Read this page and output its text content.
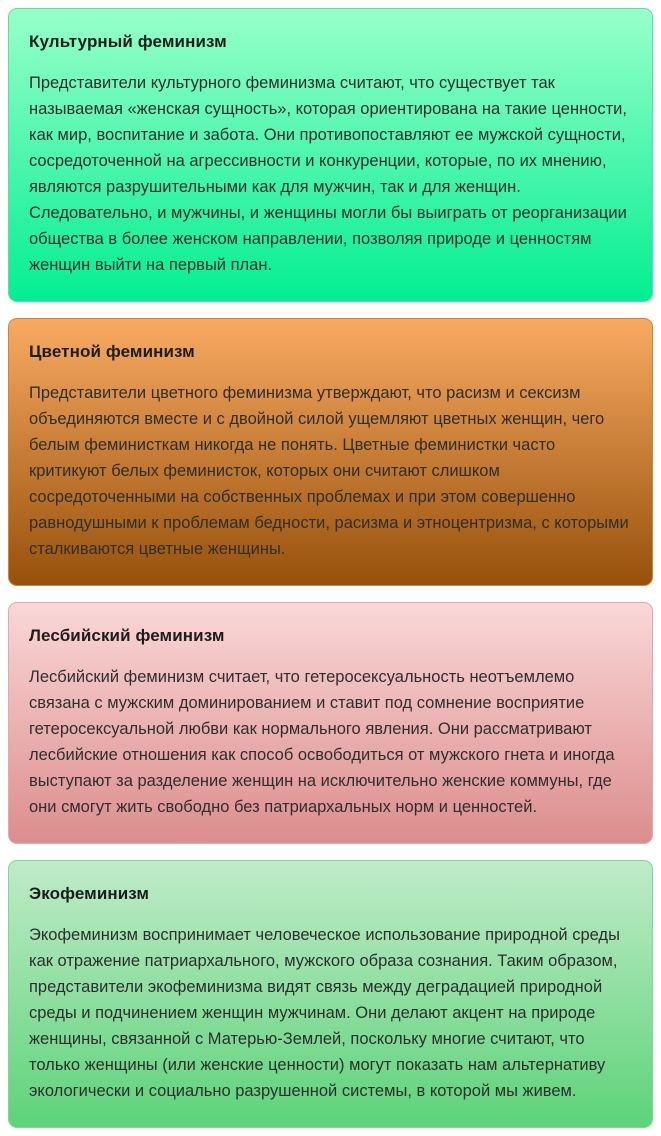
Культурный феминизм

Представители культурного феминизма считают, что существует так называемая «женская сущность», которая ориентирована на такие ценности, как мир, воспитание и забота. Они противопоставляют ее мужской сущности, сосредоточенной на агрессивности и конкуренции, которые, по их мнению, являются разрушительными как для мужчин, так и для женщин. Следовательно, и мужчины, и женщины могли бы выиграть от реорганизации общества в более женском направлении, позволяя природе и ценностям женщин выйти на первый план.

Цветной феминизм

Представители цветного феминизма утверждают, что расизм и сексизм объединяются вместе и с двойной силой ущемляют цветных женщин, чего белым феминисткам никогда не понять. Цветные феминистки часто критикуют белых феминисток, которых они считают слишком сосредоточенными на собственных проблемах и при этом совершенно равнодушными к проблемам бедности, расизма и этноцентризма, с которыми сталкиваются цветные женщины.

Лесбийский феминизм

Лесбийский феминизм считает, что гетеросексуальность неотъемлемо связана с мужским доминированием и ставит под сомнение восприятие гетеросексуальной любви как нормального явления. Они рассматривают лесбийские отношения как способ освободиться от мужского гнета и иногда выступают за разделение женщин на исключительно женские коммуны, где они смогут жить свободно без патриархальных норм и ценностей.

Экофеминизм

Экофеминизм воспринимает человеческое использование природной среды как отражение патриархального, мужского образа сознания. Таким образом, представители экофеминизма видят связь между деградацией природной среды и подчинением женщин мужчинам. Они делают акцент на природе женщины, связанной с Матерью-Землей, поскольку многие считают, что только женщины (или женские ценности) могут показать нам альтернативу экологически и социально разрушенной системы, в которой мы живем.
